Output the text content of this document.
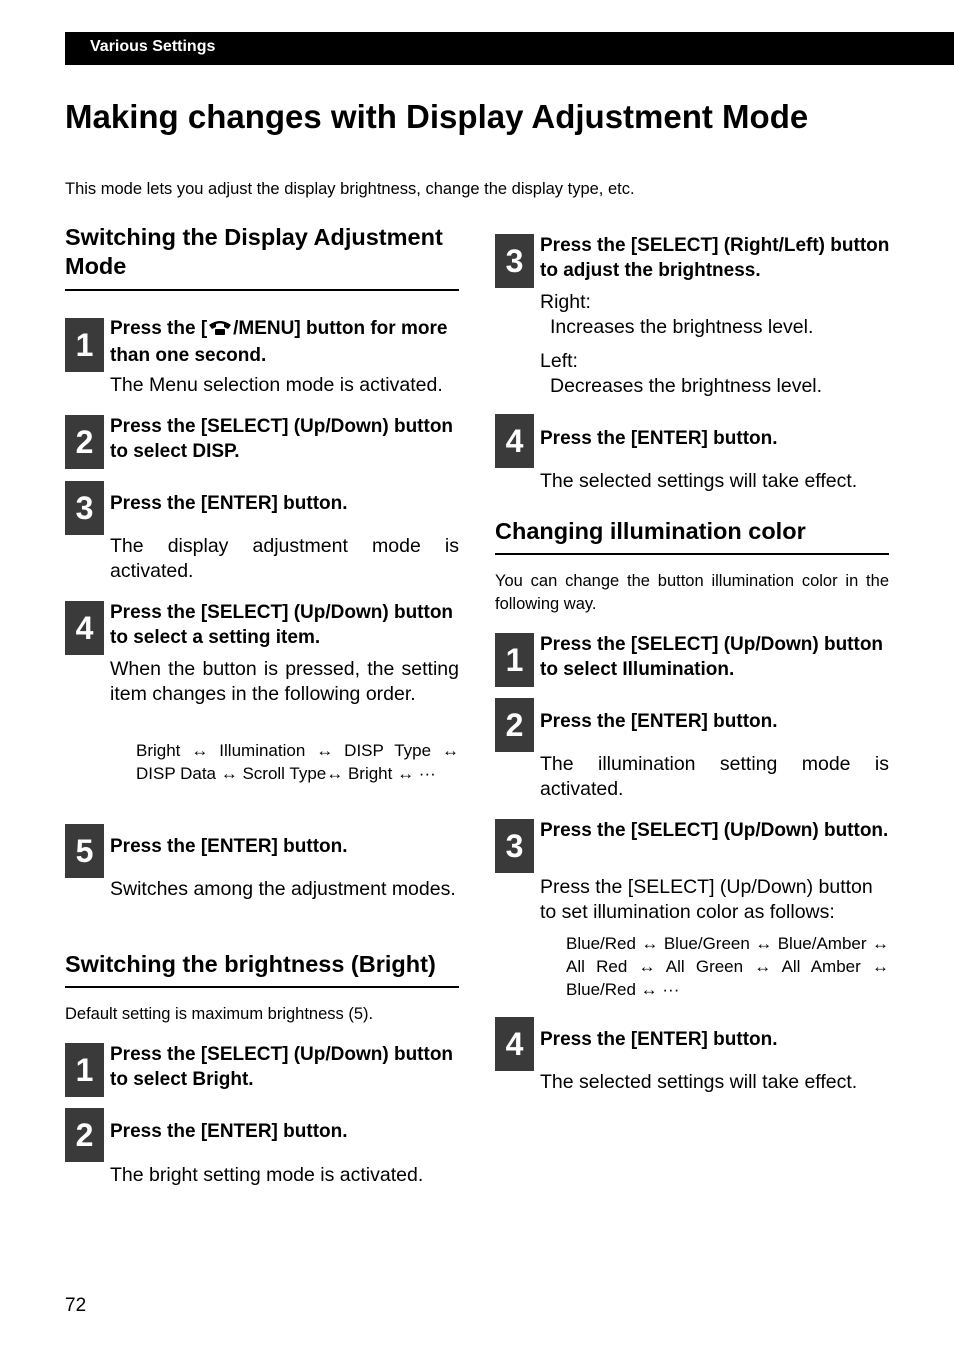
Various Settings
Making changes with Display Adjustment Mode
This mode lets you adjust the display brightness, change the display type, etc.
Switching the Display Adjustment Mode
1 Press the [ /MENU] button for more than one second.
The Menu selection mode is activated.
2 Press the [SELECT] (Up/Down) button to select DISP.
3 Press the [ENTER] button.
The display adjustment mode is activated.
4 Press the [SELECT] (Up/Down) button to select a setting item.
When the button is pressed, the setting item changes in the following order.
Bright ↔ Illumination ↔ DISP Type ↔ DISP Data ↔ Scroll Type↔ Bright ↔ ···
5 Press the [ENTER] button.
Switches among the adjustment modes.
Switching the brightness (Bright)
Default setting is maximum brightness (5).
1 Press the [SELECT] (Up/Down) button to select Bright.
2 Press the [ENTER] button.
The bright setting mode is activated.
3 Press the [SELECT] (Right/Left) button to adjust the brightness.
Right:
Increases the brightness level.
Left:
Decreases the brightness level.
4 Press the [ENTER] button.
The selected settings will take effect.
Changing illumination color
You can change the button illumination color in the following way.
1 Press the [SELECT] (Up/Down) button to select Illumination.
2 Press the [ENTER] button.
The illumination setting mode is activated.
3 Press the [SELECT] (Up/Down) button.
Press the [SELECT] (Up/Down) button to set illumination color as follows:
Blue/Red ↔ Blue/Green ↔ Blue/Amber ↔ All Red ↔ All Green ↔ All Amber ↔ Blue/Red ↔ ···
4 Press the [ENTER] button.
The selected settings will take effect.
72
